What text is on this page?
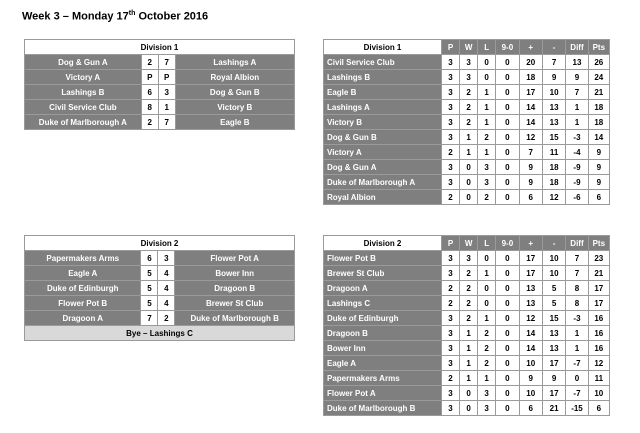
Week 3 – Monday 17th October 2016
Division 1			
Dog & Gun A	2	7	Lashings A
Victory A	P	P	Royal Albion
Lashings B	6	3	Dog & Gun B
Civil Service Club	8	1	Victory B
Duke of Marlborough A	2	7	Eagle B
Division 1	P	W	L	9-0	+	-	Diff	Pts
Civil Service Club	3	3	0	0	20	7	13	26
Lashings B	3	3	0	0	18	9	9	24
Eagle B	3	2	1	0	17	10	7	21
Lashings A	3	2	1	0	14	13	1	18
Victory B	3	2	1	0	14	13	1	18
Dog & Gun B	3	1	2	0	12	15	-3	14
Victory A	2	1	1	0	7	11	-4	9
Dog & Gun A	3	0	3	0	9	18	-9	9
Duke of Marlborough A	3	0	3	0	9	18	-9	9
Royal Albion	2	0	2	0	6	12	-6	6
Division 2			
Papermakers Arms	6	3	Flower Pot A
Eagle A	5	4	Bower Inn
Duke of Edinburgh	5	4	Dragoon B
Flower Pot B	5	4	Brewer St Club
Dragoon A	7	2	Duke of Marlborough B
Bye – Lashings C			
Division 2	P	W	L	9-0	+	-	Diff	Pts
Flower Pot B	3	3	0	0	17	10	7	23
Brewer St Club	3	2	1	0	17	10	7	21
Dragoon A	2	2	0	0	13	5	8	17
Lashings C	2	2	0	0	13	5	8	17
Duke of Edinburgh	3	2	1	0	12	15	-3	16
Dragoon B	3	1	2	0	14	13	1	16
Bower Inn	3	1	2	0	14	13	1	16
Eagle A	3	1	2	0	10	17	-7	12
Papermakers Arms	2	1	1	0	9	9	0	11
Flower Pot A	3	0	3	0	10	17	-7	10
Duke of Marlborough B	3	0	3	0	6	21	-15	6
